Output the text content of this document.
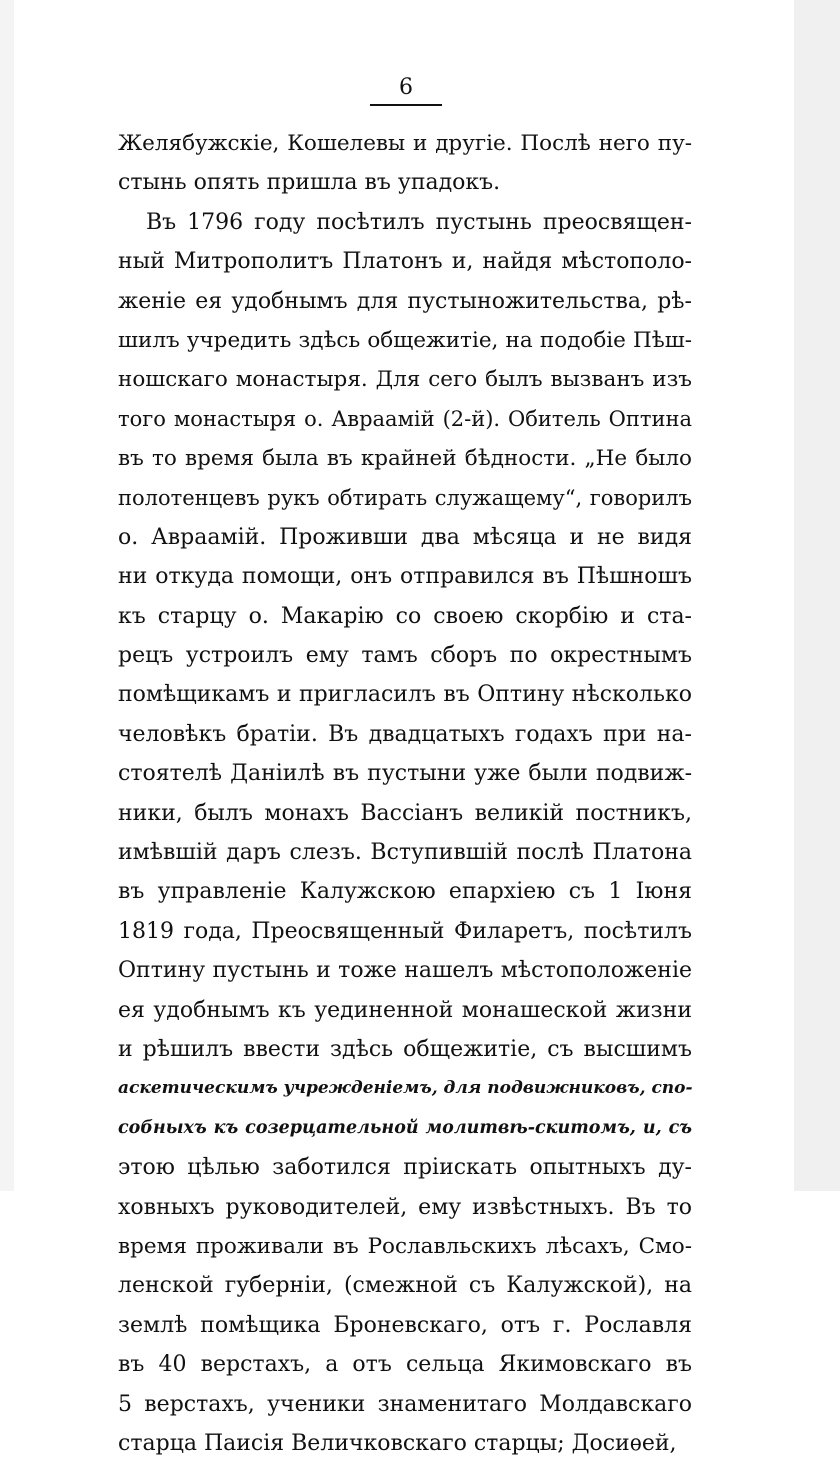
6
Желябужскіе, Кошелевы и другіе. Послѣ него пу-
стынь опять пришла въ упадокъ.
Въ 1796 году посѣтилъ пустынь преосвящен-
ный Митрополитъ Платонъ и, найдя мѣстополо-
женіе ея удобнымъ для пустыножительства, рѣ-
шилъ учредить здѣсь общежитіе, на подобіе Пѣш-
ношскаго монастыря. Для сего былъ вызванъ изъ
того монастыря о. Авраамій (2-й). Обитель Оптина
въ то время была въ крайней бѣдности. „Не было
полотенцевъ рукъ обтирать служащему“, говорилъ
о. Авраамій. Проживши два мѣсяца и не видя
ни откуда помощи, онъ отправился въ Пѣшношъ
къ старцу о. Макарію со своею скорбію и ста-
рецъ устроилъ ему тамъ сборъ по окрестнымъ
помѣщикамъ и пригласилъ въ Оптину нѣсколько
человѣкъ братіи. Въ двадцатыхъ годахъ при на-
стоятелѣ Даніилѣ въ пустыни уже были подвиж-
ники, былъ монахъ Вассіанъ великій постникъ,
имѣвшій даръ слезъ. Вступившій послѣ Платона
въ управленіе Калужскою епархіею съ 1 Іюня
1819 года, Преосвященный Филаретъ, посѣтилъ
Оптину пустынь и тоже нашелъ мѣстоположеніе
ея удобнымъ къ уединенной монашеской жизни
и рѣшилъ ввести здѣсь общежитіе, съ высшимъ
аскетическимъ учрежденіемъ, для подвижниковъ, спо-
собныхъ къ созерцательной молитвѣ-скитомъ, и, съ
этою цѣлью заботился пріискать опытныхъ ду-
ховныхъ руководителей, ему извѣстныхъ. Въ то
время проживали въ Рославльскихъ лѣсахъ, Смо-
ленской губерніи, (смежной съ Калужской), на
землѣ помѣщика Броневскаго, отъ г. Рославля
въ 40 верстахъ, а отъ сельца Якимовскаго въ
5 верстахъ, ученики знаменитаго Молдавскаго
старца Паисія Величковскаго старцы; Досиѳей,
